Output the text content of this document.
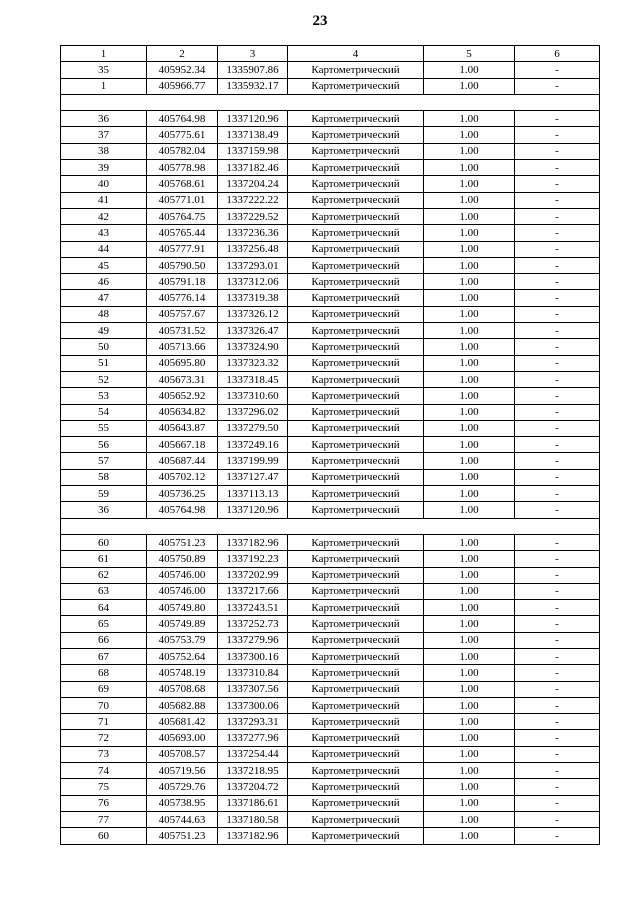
23
1	2	3	4	5	6
35	405952.34	1335907.86	Картометрический	1.00	-
1	405966.77	1335932.17	Картометрический	1.00	-

36	405764.98	1337120.96	Картометрический	1.00	-
37	405775.61	1337138.49	Картометрический	1.00	-
38	405782.04	1337159.98	Картометрический	1.00	-
39	405778.98	1337182.46	Картометрический	1.00	-
40	405768.61	1337204.24	Картометрический	1.00	-
41	405771.01	1337222.22	Картометрический	1.00	-
42	405764.75	1337229.52	Картометрический	1.00	-
43	405765.44	1337236.36	Картометрический	1.00	-
44	405777.91	1337256.48	Картометрический	1.00	-
45	405790.50	1337293.01	Картометрический	1.00	-
46	405791.18	1337312.06	Картометрический	1.00	-
47	405776.14	1337319.38	Картометрический	1.00	-
48	405757.67	1337326.12	Картометрический	1.00	-
49	405731.52	1337326.47	Картометрический	1.00	-
50	405713.66	1337324.90	Картометрический	1.00	-
51	405695.80	1337323.32	Картометрический	1.00	-
52	405673.31	1337318.45	Картометрический	1.00	-
53	405652.92	1337310.60	Картометрический	1.00	-
54	405634.82	1337296.02	Картометрический	1.00	-
55	405643.87	1337279.50	Картометрический	1.00	-
56	405667.18	1337249.16	Картометрический	1.00	-
57	405687.44	1337199.99	Картометрический	1.00	-
58	405702.12	1337127.47	Картометрический	1.00	-
59	405736.25	1337113.13	Картометрический	1.00	-
36	405764.98	1337120.96	Картометрический	1.00	-

60	405751.23	1337182.96	Картометрический	1.00	-
61	405750.89	1337192.23	Картометрический	1.00	-
62	405746.00	1337202.99	Картометрический	1.00	-
63	405746.00	1337217.66	Картометрический	1.00	-
64	405749.80	1337243.51	Картометрический	1.00	-
65	405749.89	1337252.73	Картометрический	1.00	-
66	405753.79	1337279.96	Картометрический	1.00	-
67	405752.64	1337300.16	Картометрический	1.00	-
68	405748.19	1337310.84	Картометрический	1.00	-
69	405708.68	1337307.56	Картометрический	1.00	-
70	405682.88	1337300.06	Картометрический	1.00	-
71	405681.42	1337293.31	Картометрический	1.00	-
72	405693.00	1337277.96	Картометрический	1.00	-
73	405708.57	1337254.44	Картометрический	1.00	-
74	405719.56	1337218.95	Картометрический	1.00	-
75	405729.76	1337204.72	Картометрический	1.00	-
76	405738.95	1337186.61	Картометрический	1.00	-
77	405744.63	1337180.58	Картометрический	1.00	-
60	405751.23	1337182.96	Картометрический	1.00	-
